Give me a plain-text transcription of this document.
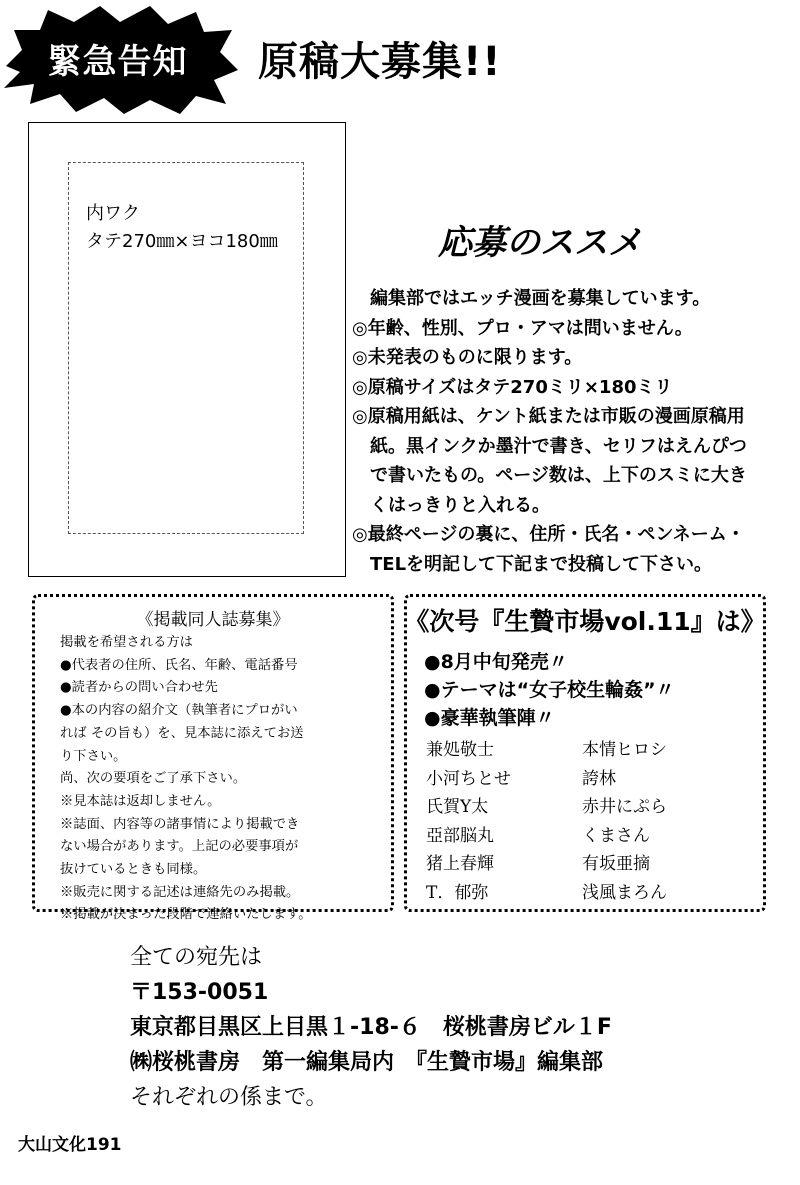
緊急告知	原稿大募集!!
内ワク
タテ270㎜×ヨコ180㎜	応募のススメ
　編集部ではエッチ漫画を募集しています。
◎年齢、性別、プロ・アマは問いません。
◎未発表のものに限ります。
◎原稿サイズはタテ270ミリ×180ミリ
◎原稿用紙は、ケント紙または市販の漫画原稿用
　紙。黒インクか墨汁で書き、セリフはえんぴつ
　で書いたもの。ページ数は、上下のスミに大き
　くはっきりと入れる。
◎最終ページの裏に、住所・氏名・ペンネーム・
　TELを明記して下記まで投稿して下さい。
《掲載同人誌募集》
掲載を希望される方は
●代表者の住所、氏名、年齢、電話番号
●読者からの問い合わせ先
●本の内容の紹介文（執筆者にプロがい
れば その旨も）を、見本誌に添えてお送
り下さい。
尚、次の要項をご了承下さい。
※見本誌は返却しません。
※誌面、内容等の諸事情により掲載でき
ない場合があります。上記の必要事項が
抜けているときも同様。
※販売に関する記述は連絡先のみ掲載。
※掲載が決まった段階で連絡いたします。
《次号『生贄市場vol.11』は》
●8月中旬発売〃
●テーマは“女子校生輪姦”〃
●豪華執筆陣〃
兼処敬士	本情ヒロシ
小河ちとせ	誇林
氏賀Y太	赤井にぷら
亞部脳丸	くまさん
猪上春輝	有坂亜摘
T．郁弥	浅風まろん
全ての宛先は
〒153-0051
東京都目黒区上目黒１-18-６　桜桃書房ビル１F
㈱桜桃書房　第一編集局内　『生贄市場』編集部
それぞれの係まで。
大山文化191
